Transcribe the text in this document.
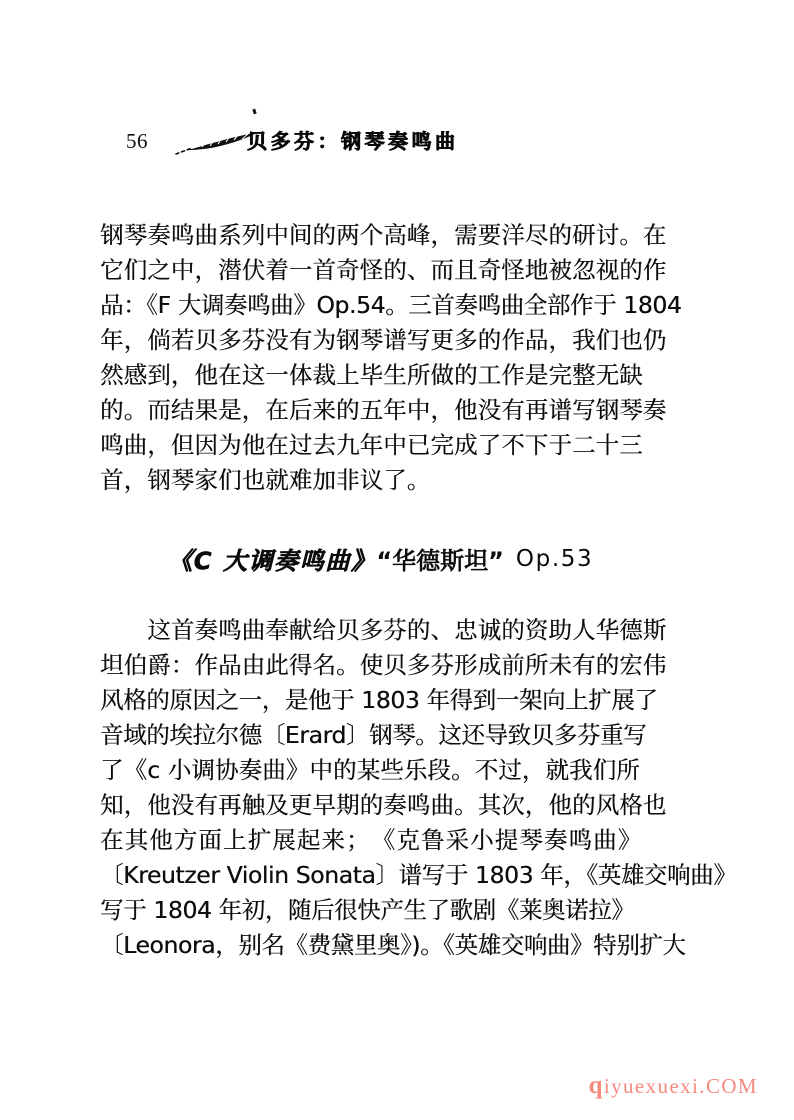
56	贝多芬：钢琴奏鸣曲
钢琴奏鸣曲系列中间的两个高峰，需要洋尽的研讨。在
它们之中，潜伏着一首奇怪的、而且奇怪地被忽视的作
品：《F 大调奏鸣曲》Op.54。三首奏鸣曲全部作于 1804
年，倘若贝多芬没有为钢琴谱写更多的作品，我们也仍
然感到，他在这一体裁上毕生所做的工作是完整无缺
的。而结果是，在后来的五年中，他没有再谱写钢琴奏
鸣曲，但因为他在过去九年中已完成了不下于二十三
首，钢琴家们也就难加非议了。
《C 大调奏鸣曲》“华德斯坦” Op.53
　　这首奏鸣曲奉献给贝多芬的、忠诚的资助人华德斯
坦伯爵：作品由此得名。使贝多芬形成前所未有的宏伟
风格的原因之一，是他于 1803 年得到一架向上扩展了
音域的埃拉尔德〔Erard〕钢琴。这还导致贝多芬重写
了《c 小调协奏曲》中的某些乐段。不过，就我们所
知，他没有再触及更早期的奏鸣曲。其次，他的风格也
在其他方面上扩展起来；　《克鲁采小提琴奏鸣曲》
〔Kreutzer Violin Sonata〕谱写于 1803 年，《英雄交响曲》
写于 1804 年初，随后很快产生了歌剧《莱奥诺拉》
〔Leonora，别名《费黛里奥》)。《英雄交响曲》特别扩大
qiyuexuexi.COM
